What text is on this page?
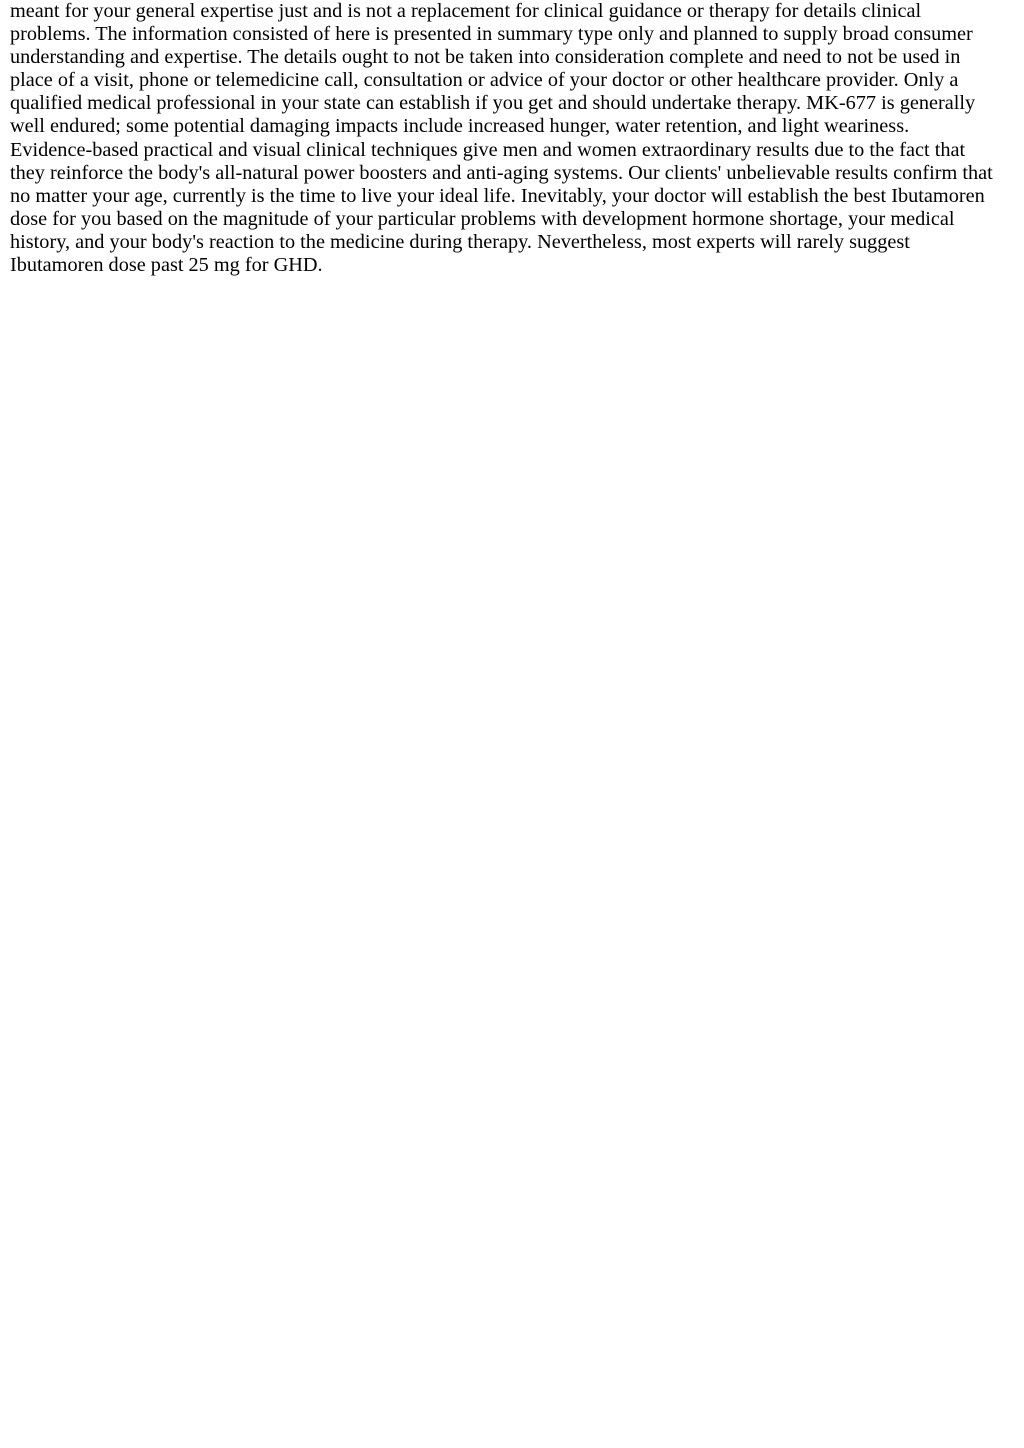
meant for your general expertise just and is not a replacement for clinical guidance or therapy for details clinical
problems. The information consisted of here is presented in summary type only and planned to supply broad consumer
understanding and expertise. The details ought to not be taken into consideration complete and need to not be used in
place of a visit, phone or telemedicine call, consultation or advice of your doctor or other healthcare provider. Only a
qualified medical professional in your state can establish if you get and should undertake therapy. MK-677 is generally
well endured; some potential damaging impacts include increased hunger, water retention, and light weariness.
Evidence-based practical and visual clinical techniques give men and women extraordinary results due to the fact that
they reinforce the body's all-natural power boosters and anti-aging systems. Our clients' unbelievable results confirm that
no matter your age, currently is the time to live your ideal life. Inevitably, your doctor will establish the best Ibutamoren
dose for you based on the magnitude of your particular problems with development hormone shortage, your medical
history, and your body's reaction to the medicine during therapy. Nevertheless, most experts will rarely suggest
Ibutamoren dose past 25 mg for GHD.
